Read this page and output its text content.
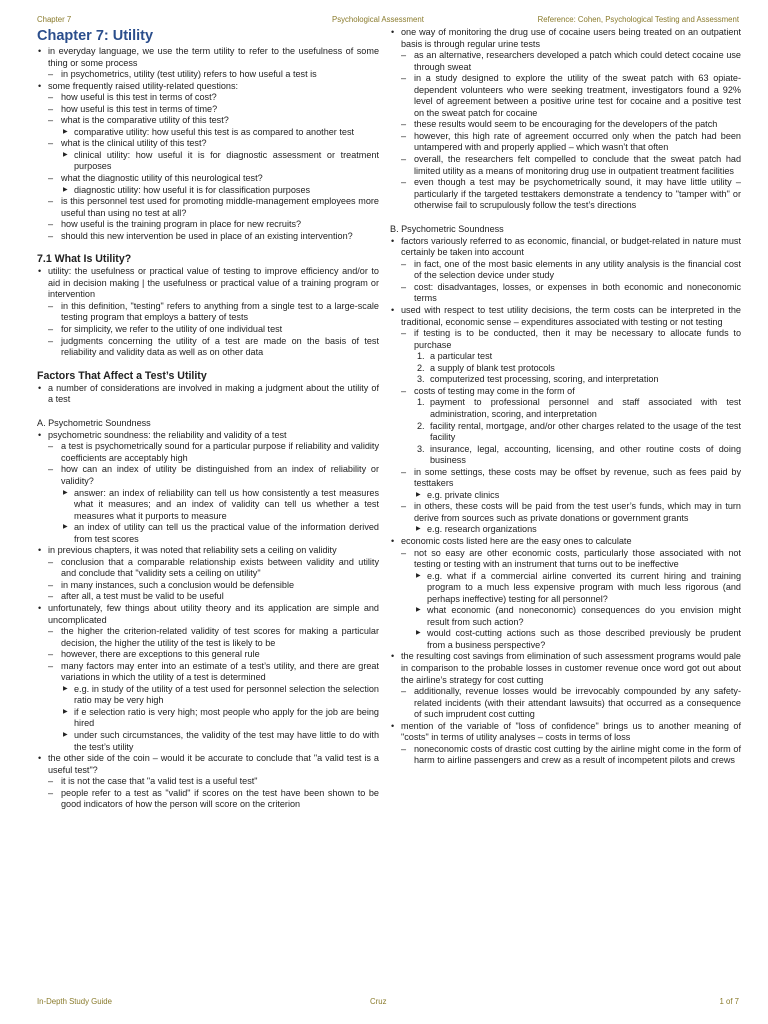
Chapter 7	Psychological Assessment	Reference: Cohen, Psychological Testing and Assessment
Chapter 7: Utility

• in everyday language, we use the term utility to refer to the usefulness of some thing or some process

– in psychometrics, utility (test utility) refers to how useful a test is

• some frequently raised utility-related questions:

– how useful is this test in terms of cost?

– how useful is this test in terms of time?

– what is the comparative utility of this test?

▶ comparative utility: how useful this test is as compared to another test

– what is the clinical utility of this test?

▶ clinical utility: how useful it is for diagnostic assessment or treatment purposes

– what the diagnostic utility of this neurological test?

▶ diagnostic utility: how useful it is for classification purposes

– is this personnel test used for promoting middle-management employees more useful than using no test at all?

– how useful is the training program in place for new recruits?

– should this new intervention be used in place of an existing intervention?

7.1 What Is Utility?

• utility: the usefulness or practical value of testing to improve efficiency and/or to aid in decision making | the usefulness or practical value of a training program or intervention

– in this definition, "testing" refers to anything from a single test to a large-scale testing program that employs a battery of tests

– for simplicity, we refer to the utility of one individual test

– judgments concerning the utility of a test are made on the basis of test reliability and validity data as well as on other data

Factors That Affect a Test’s Utility

• a number of considerations are involved in making a judgment about the utility of a test

A. Psychometric Soundness

• psychometric soundness: the reliability and validity of a test

– a test is psychometrically sound for a particular purpose if reliability and validity coefficients are acceptably high

– how can an index of utility be distinguished from an index of reliability or validity?

▶ answer: an index of reliability can tell us how consistently a test measures what it measures; and an index of validity can tell us whether a test measures what it purports to measure

▶ an index of utility can tell us the practical value of the information derived from test scores

• in previous chapters, it was noted that reliability sets a ceiling on validity

– conclusion that a comparable relationship exists between validity and utility and conclude that "validity sets a ceiling on utility"

– in many instances, such a conclusion would be defensible

– after all, a test must be valid to be useful

• unfortunately, few things about utility theory and its application are simple and uncomplicated

– the higher the criterion-related validity of test scores for making a particular decision, the higher the utility of the test is likely to be

– however, there are exceptions to this general rule

– many factors may enter into an estimate of a test’s utility, and there are great variations in which the utility of a test is determined

▶ e.g. in study of the utility of a test used for personnel selection the selection ratio may be very high

▶ if e selection ratio is very high; most people who apply for the job are being hired

▶ under such circumstances, the validity of the test may have little to do with the test’s utility

• the other side of the coin – would it be accurate to conclude that "a valid test is a useful test"?

– it is not the case that "a valid test is a useful test"

– people refer to a test as "valid" if scores on the test have been shown to be good indicators of how the person will score on the criterion

• one way of monitoring the drug use of cocaine users being treated on an outpatient basis is through regular urine tests

– as an alternative, researchers developed a patch which could detect cocaine use through sweat

– in a study designed to explore the utility of the sweat patch with 63 opiate-dependent volunteers who were seeking treatment, investigators found a 92% level of agreement between a positive urine test for cocaine and a positive test on the sweat patch for cocaine

– these results would seem to be encouraging for the developers of the patch

– however, this high rate of agreement occurred only when the patch had been untampered with and properly applied – which wasn’t that often

– overall, the researchers felt compelled to conclude that the sweat patch had limited utility as a means of monitoring drug use in outpatient treatment facilities

– even though a test may be psychometrically sound, it may have little utility – particularly if the targeted testtakers demonstrate a tendency to "tamper with" or otherwise fail to scrupulously follow the test’s directions

B. Psychometric Soundness

• factors variously referred to as economic, financial, or budget-related in nature must certainly be taken into account

– in fact, one of the most basic elements in any utility analysis is the financial cost of the selection device under study

– cost: disadvantages, losses, or expenses in both economic and noneconomic terms

• used with respect to test utility decisions, the term costs can be interpreted in the traditional, economic sense – expenditures associated with testing or not testing

– if testing is to be conducted, then it may be necessary to allocate funds to purchase

1. a particular test

2. a supply of blank test protocols

3. computerized test processing, scoring, and interpretation

– costs of testing may come in the form of

1. payment to professional personnel and staff associated with test administration, scoring, and interpretation

2. facility rental, mortgage, and/or other charges related to the usage of the test facility

3. insurance, legal, accounting, licensing, and other routine costs of doing business

– in some settings, these costs may be offset by revenue, such as fees paid by testtakers

▶ e.g. private clinics

– in others, these costs will be paid from the test user’s funds, which may in turn derive from sources such as private donations or government grants

▶ e.g. research organizations

• economic costs listed here are the easy ones to calculate

– not so easy are other economic costs, particularly those associated with not testing or testing with an instrument that turns out to be ineffective

▶ e.g. what if a commercial airline converted its current hiring and training program to a much less expensive program with much less rigorous (and perhaps ineffective) testing for all personnel?

▶ what economic (and noneconomic) consequences do you envision might result from such action?

▶ would cost-cutting actions such as those described previously be prudent from a business perspective?

• the resulting cost savings from elimination of such assessment programs would pale in comparison to the probable losses in customer revenue once word got out about the airline’s strategy for cost cutting

– additionally, revenue losses would be irrevocably compounded by any safety-related incidents (with their attendant lawsuits) that occurred as a consequence of such imprudent cost cutting

• mention of the variable of "loss of confidence" brings us to another meaning of "costs" in terms of utility analyses – costs in terms of loss

– noneconomic costs of drastic cost cutting by the airline might come in the form of harm to airline passengers and crew as a result of incompetent pilots and crews

In-Depth Study Guide	Cruz	1 of 7
